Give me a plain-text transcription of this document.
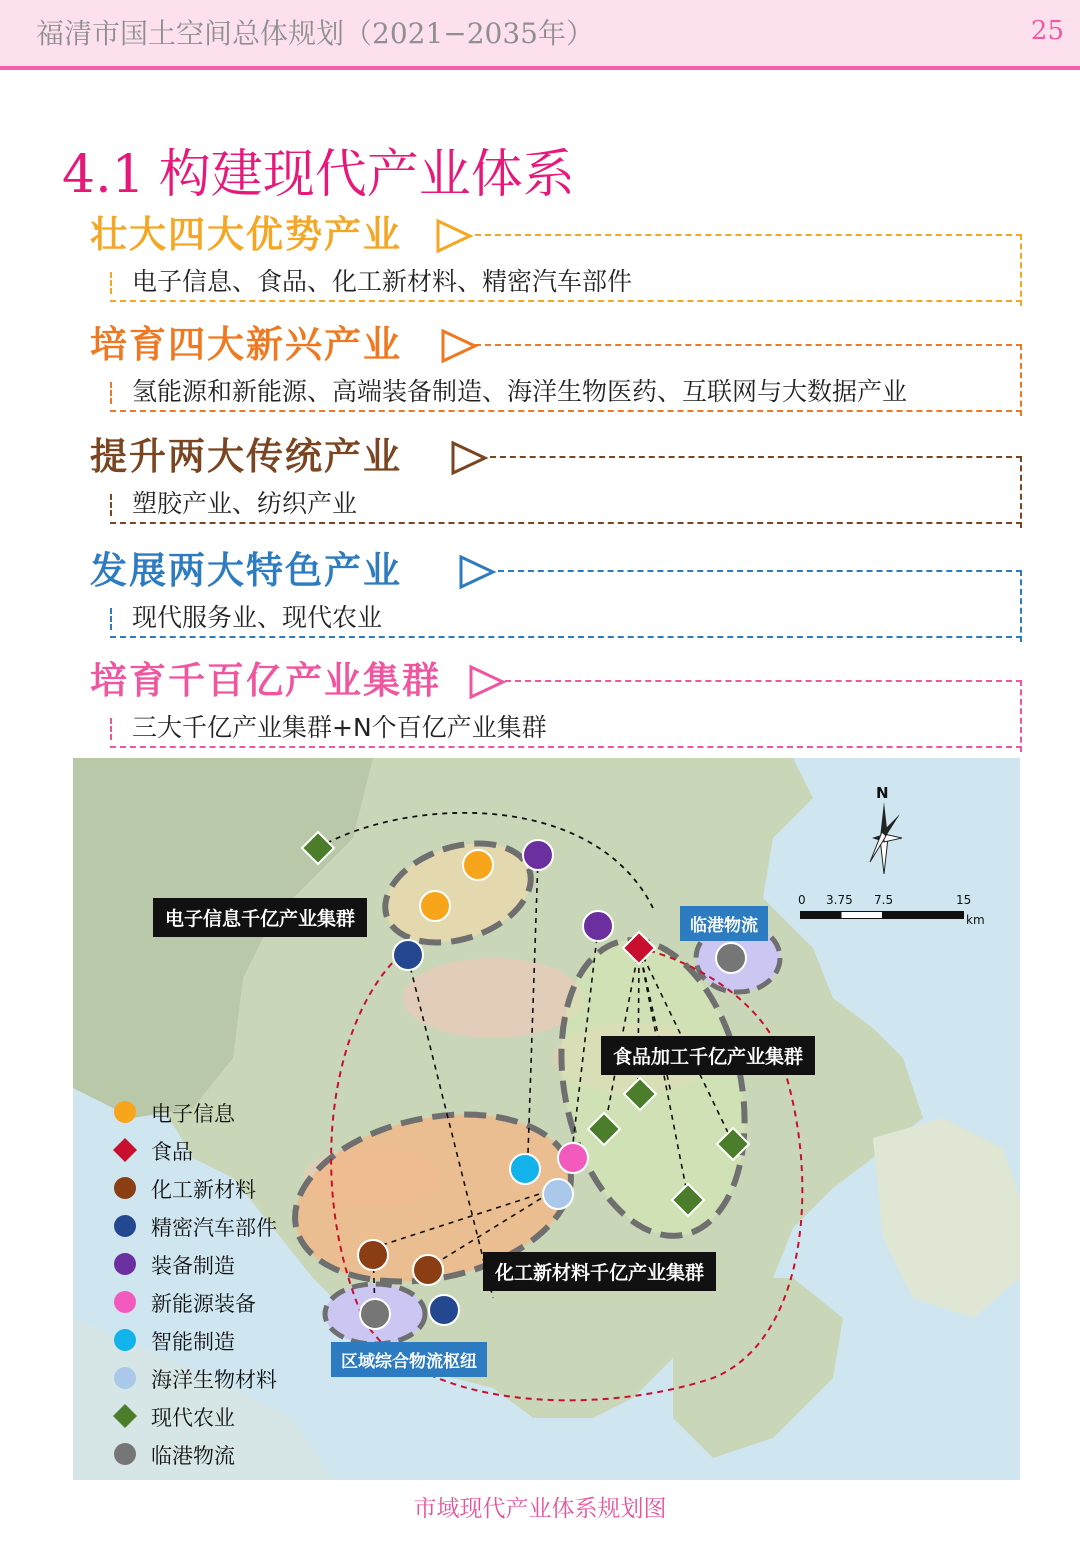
福清市国土空间总体规划（2021−2035年）	25
4.1 构建现代产业体系
壮大四大优势产业
电子信息、食品、化工新材料、精密汽车部件
培育四大新兴产业
氢能源和新能源、高端装备制造、海洋生物医药、互联网与大数据产业
提升两大传统产业
塑胶产业、纺织产业
发展两大特色产业
现代服务业、现代农业
培育千百亿产业集群
三大千亿产业集群+N个百亿产业集群
电子信息千亿产业集群
食品加工千亿产业集群
化工新材料千亿产业集群
临港物流
区域综合物流枢纽
N
0 3.75 7.5	15
km
电子信息
食品
化工新材料
精密汽车部件
装备制造
新能源装备
智能制造
海洋生物材料
现代农业
临港物流
市域现代产业体系规划图
